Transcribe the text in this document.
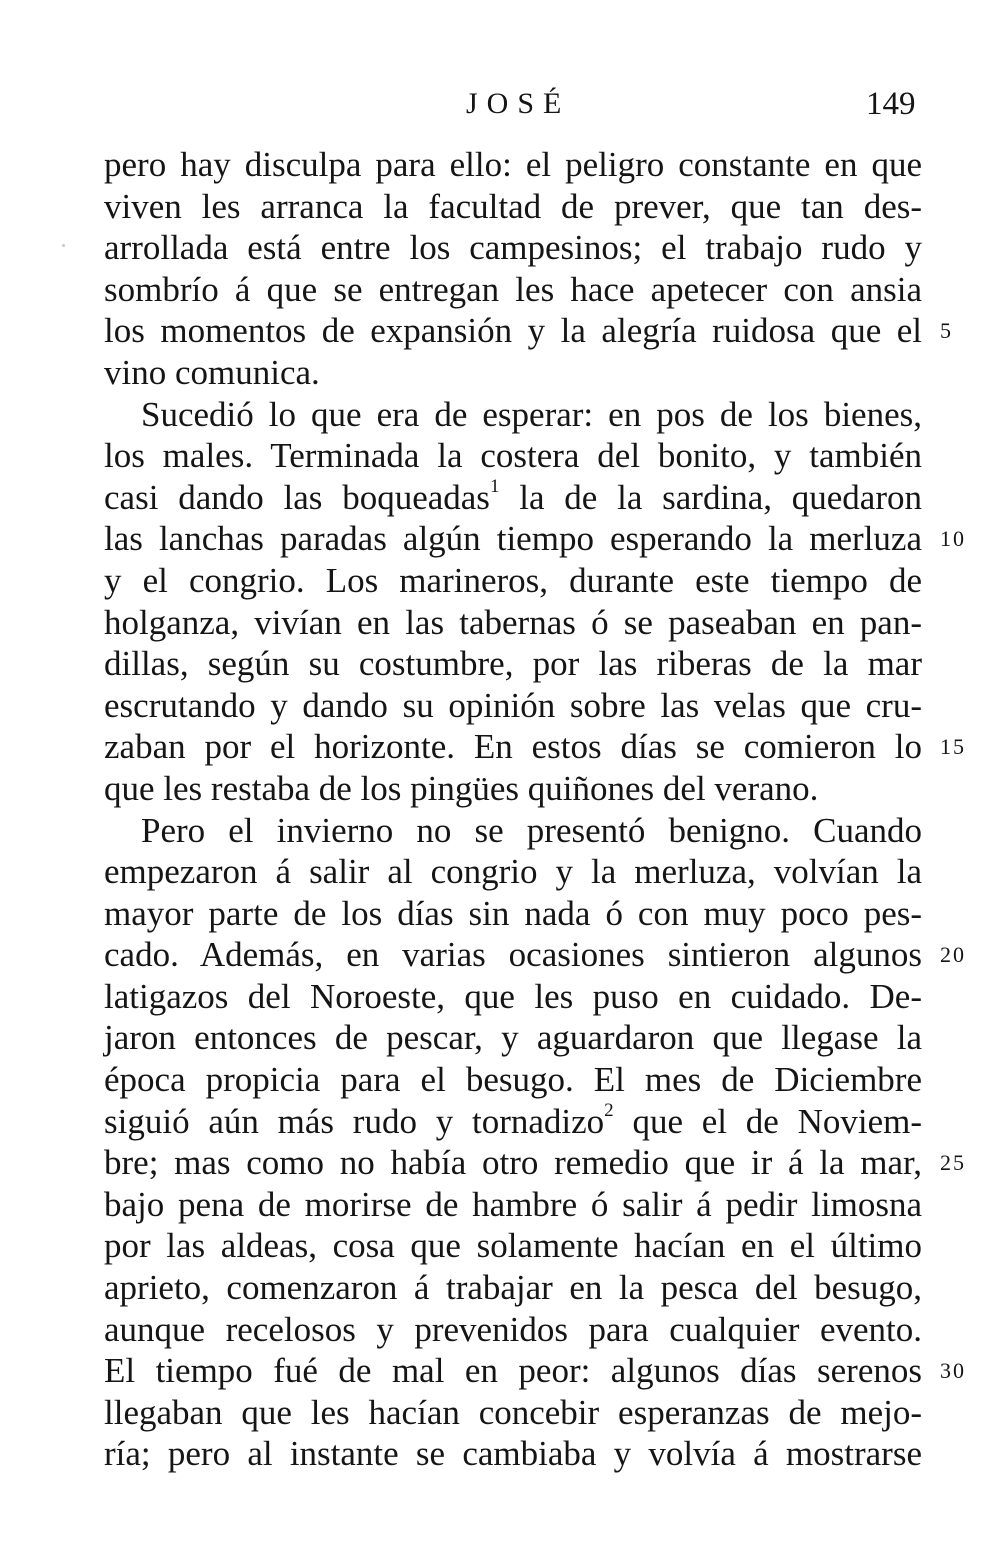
JOSÉ	149
pero hay disculpa para ello: el peligro constante en que
viven les arranca la facultad de prever, que tan des-
arrollada está entre los campesinos; el trabajo rudo y
sombrío á que se entregan les hace apetecer con ansia
los momentos de expansión y la alegría ruidosa que el 5
vino comunica.
Sucedió lo que era de esperar: en pos de los bienes,
los males. Terminada la costera del bonito, y también
casi dando las boqueadas$^1$ la de la sardina, quedaron
las lanchas paradas algún tiempo esperando la merluza 10
y el congrio. Los marineros, durante este tiempo de
holganza, vivían en las tabernas ó se paseaban en pan-
dillas, según su costumbre, por las riberas de la mar
escrutando y dando su opinión sobre las velas que cru-
zaban por el horizonte. En estos días se comieron lo 15
que les restaba de los pingües quiñones del verano.
Pero el invierno no se presentó benigno. Cuando
empezaron á salir al congrio y la merluza, volvían la
mayor parte de los días sin nada ó con muy poco pes-
cado. Además, en varias ocasiones sintieron algunos 20
latigazos del Noroeste, que les puso en cuidado. De-
jaron entonces de pescar, y aguardaron que llegase la
época propicia para el besugo. El mes de Diciembre
siguió aún más rudo y tornadizo$^2$ que el de Noviem-
bre; mas como no había otro remedio que ir á la mar, 25
bajo pena de morirse de hambre ó salir á pedir limosna
por las aldeas, cosa que solamente hacían en el último
aprieto, comenzaron á trabajar en la pesca del besugo,
aunque recelosos y prevenidos para cualquier evento.
El tiempo fué de mal en peor: algunos días serenos 30
llegaban que les hacían concebir esperanzas de mejo-
ría; pero al instante se cambiaba y volvía á mostrarse
